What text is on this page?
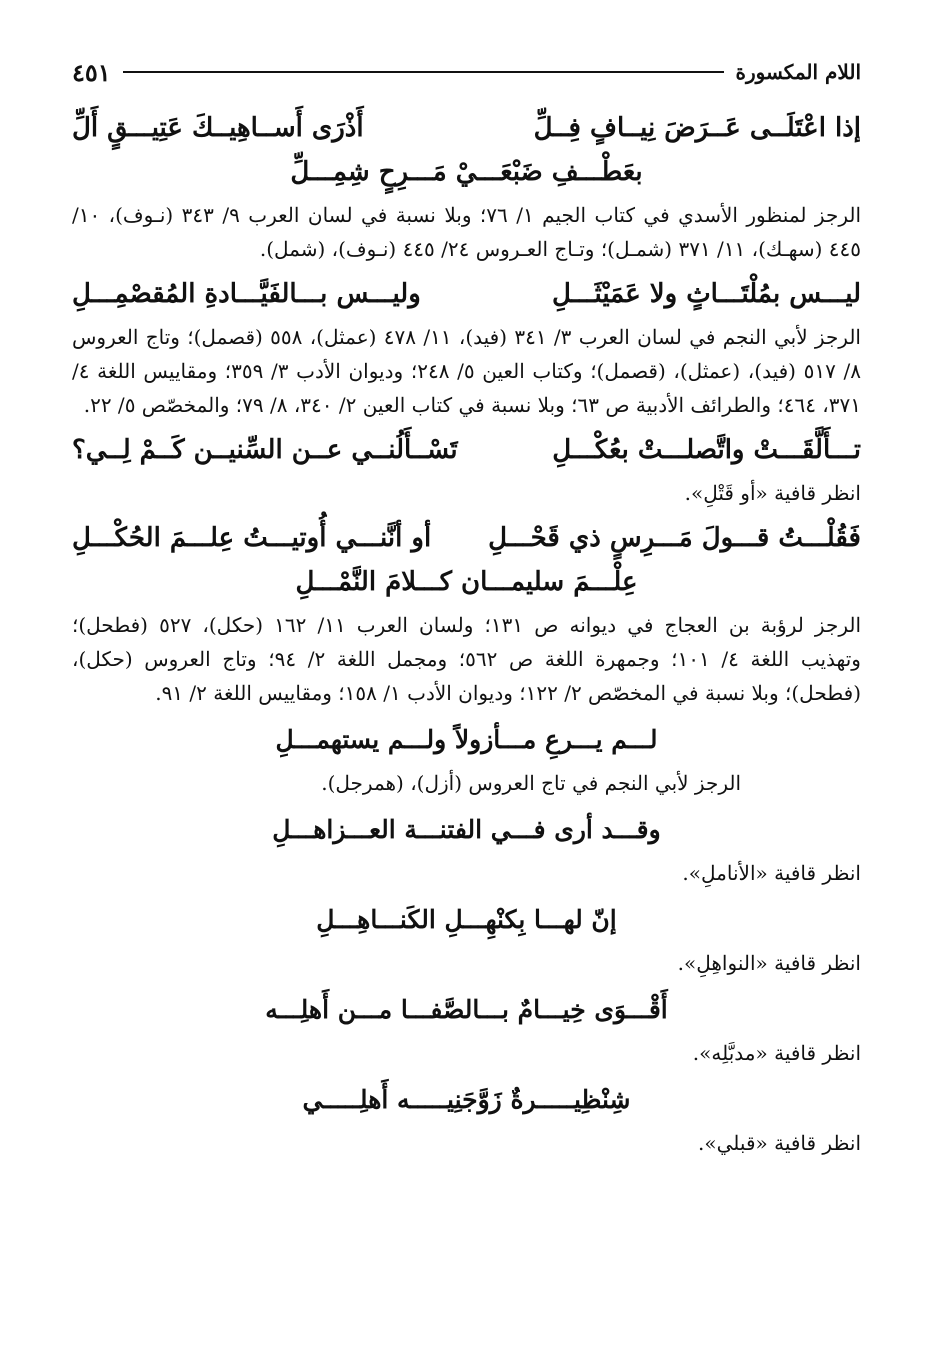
اللام المكسورة
٤٥١
إذا اعْتَلَــى عَــرَضَ نِيــافٍ فِــلِّ
أَذْرَى أَســاهِيــكَ عَتِيـــقٍ أَلِّ
بعَطْـــفِ ضَبْعَـــيْ مَـــرِحٍ شِمِـــلِّ

الرجز لمنظور الأسدي في كتاب الجيم ١/ ٧٦؛ وبلا نسبة في لسان العرب ٩/ ٣٤٣ (نـوف)، ١٠/ ٤٤٥ (سهـك)، ١١/ ٣٧١ (شمـل)؛ وتـاج العـروس ٢٤/ ٤٤٥ (نـوف)، (شمل).

ليـــس بمُلْتَـــاثٍ ولا عَمَيْثَـــلِ
وليـــس بـــالفَيَّـــادةِ المُقصْمِـــلِ

الرجز لأبي النجم في لسان العرب ٣/ ٣٤١ (فيد)، ١١/ ٤٧٨ (عمثل)، ٥٥٨ (قصمل)؛ وتاج العروس ٨/ ٥١٧ (فيد)، (عمثل)، (قصمل)؛ وكتاب العين ٥/ ٢٤٨؛ وديوان الأدب ٣/ ٣٥٩؛ ومقاييس اللغة ٤/ ٣٧١، ٤٦٤؛ والطرائف الأدبية ص ٦٣؛ وبلا نسبة في كتاب العين ٢/ ٣٤٠، ٨/ ٧٩؛ والمخصّص ٥/ ٢٢.

تـــأَلَّقَـــتْ واتَّصلـــتْ بعُكْـــلِ
تَسْــأَلُنــي عــن السِّنيــن كَــمْ لِــي؟

انظر قافية «أو قَتْلِ».

فَقُلْـــتُ قـــولَ مَـــرِسٍ ذي قَحْـــلِ
أو أنَّنـــي أُوتيـــتُ عِلـــمَ الحُكْـــلِ
عِلْـــمَ سليمـــان كـــلامَ النَّمْـــلِ

الرجز لرؤبة بن العجاج في ديوانه ص ١٣١؛ ولسان العرب ١١/ ١٦٢ (حكل)، ٥٢٧ (فطحل)؛ وتهذيب اللغة ٤/ ١٠١؛ وجمهرة اللغة ص ٥٦٢؛ ومجمل اللغة ٢/ ٩٤؛ وتاج العروس (حكل)، (فطحل)؛ وبلا نسبة في المخصّص ٢/ ١٢٢؛ وديوان الأدب ١/ ١٥٨؛ ومقاييس اللغة ٢/ ٩١.

لـــم يـــرعِ مـــأزولاً ولـــم يستهمـــلِ

الرجز لأبي النجم في تاج العروس (أزل)، (همرجل).

وقـــد أرى فـــي الفتنـــة العـــزاهـــلِ

انظر قافية «الأناملِ».

إنّ لهـــا بِكنْهِـــلِ الكَنـــاهِـــلِ

انظر قافية «النواهِلِ».

أَقْـــوَى خِيـــامٌ بـــالصَّفـــا مـــن أَهلِـــه

انظر قافية «مدبَّلِه».

شِنْظِيـــــرةٌ زَوَّجَنِيـــــه أَهلِـــــي

انظر قافية «قبلي».
